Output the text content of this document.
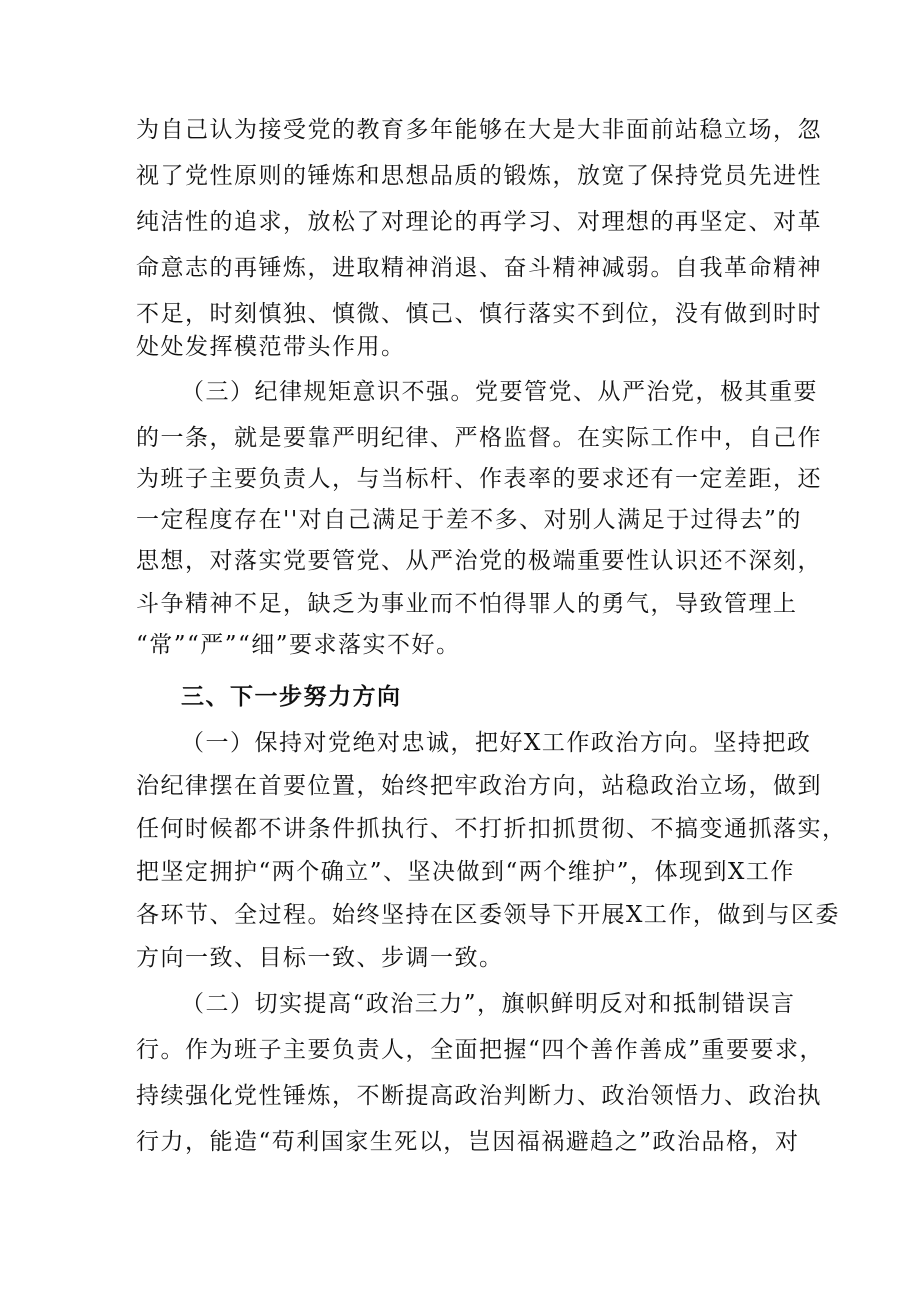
为自己认为接受党的教育多年能够在大是大非面前站稳立场，忽
视了党性原则的锤炼和思想品质的锻炼，放宽了保持党员先进性
纯洁性的追求，放松了对理论的再学习、对理想的再坚定、对革
命意志的再锤炼，进取精神消退、奋斗精神减弱。自我革命精神
不足，时刻慎独、慎微、慎己、慎行落实不到位，没有做到时时
处处发挥模范带头作用。
（三）纪律规矩意识不强。党要管党、从严治党，极其重要
的一条，就是要靠严明纪律、严格监督。在实际工作中，自己作
为班子主要负责人，与当标杆、作表率的要求还有一定差距，还
一定程度存在''对自己满足于差不多、对别人满足于过得去”的
思想，对落实党要管党、从严治党的极端重要性认识还不深刻，
斗争精神不足，缺乏为事业而不怕得罪人的勇气，导致管理上
“常”“严”“细”要求落实不好。
三、下一步努力方向
（一）保持对党绝对忠诚，把好X工作政治方向。坚持把政
治纪律摆在首要位置，始终把牢政治方向，站稳政治立场，做到
任何时候都不讲条件抓执行、不打折扣抓贯彻、不搞变通抓落实，
把坚定拥护“两个确立”、坚决做到“两个维护”，体现到X工作
各环节、全过程。始终坚持在区委领导下开展X工作，做到与区委
方向一致、目标一致、步调一致。
（二）切实提高“政治三力”，旗帜鲜明反对和抵制错误言
行。作为班子主要负责人，全面把握“四个善作善成”重要要求，
持续强化党性锤炼，不断提高政治判断力、政治领悟力、政治执
行力，能造“苟利国家生死以，岂因福祸避趋之”政治品格，对
